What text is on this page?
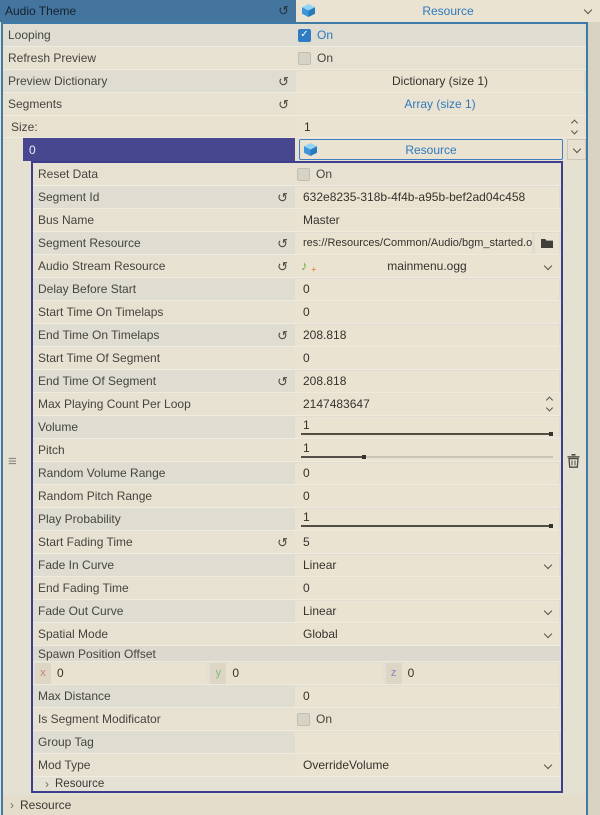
Audio Theme	↺	Resource
Looping	✓ On
Refresh Preview	On
Preview Dictionary	↺	Dictionary (size 1)
Segments	↺	Array (size 1)
Size:	1
0	Resource
Reset Data	On
Segment Id	↺	632e8235-318b-4f4b-a95b-bef2ad04c458
Bus Name	Master
Segment Resource	↺	res://Resources/Common/Audio/bgm_started.o
Audio Stream Resource	↺ ♪ +	mainmenu.ogg
Delay Before Start	0
Start Time On Timelaps	0
End Time On Timelaps	↺	208.818
Start Time Of Segment	0
End Time Of Segment	↺	208.818
Max Playing Count Per Loop	2147483647
Volume	1
Pitch	1
Random Volume Range	0
Random Pitch Range	0
Play Probability	1
Start Fading Time	↺	5
Fade In Curve	Linear
End Fading Time	0
Fade Out Curve	Linear
Spatial Mode	Global
Spawn Position Offset
x 0	y 0	z 0
Max Distance	0
Is Segment Modificator	On
Group Tag
Mod Type	OverrideVolume
› Resource
› Resource
≡
